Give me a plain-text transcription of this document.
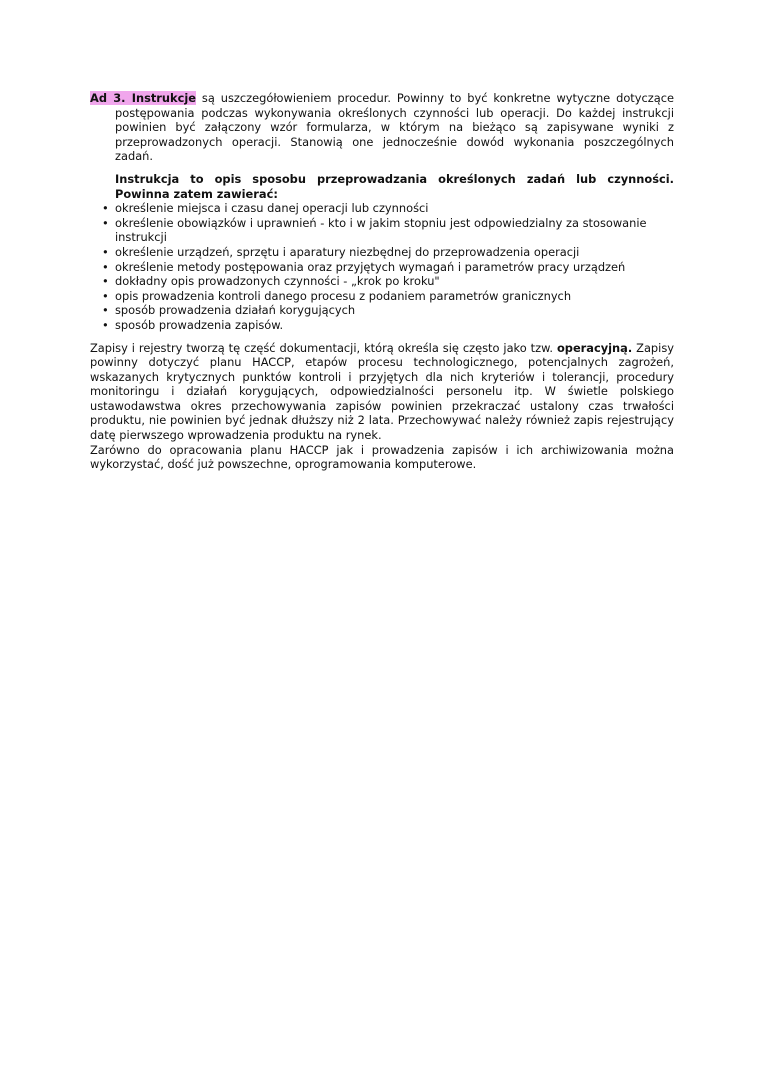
Ad 3. Instrukcje są uszczegółowieniem procedur. Powinny to być konkretne wytyczne dotyczące postępowania podczas wykonywania określonych czynności lub operacji. Do każdej instrukcji powinien być załączony wzór formularza, w którym na bieżąco są zapisywane wyniki z przeprowadzonych operacji. Stanowią one jednocześnie dowód wykonania poszczególnych zadań.

Instrukcja to opis sposobu przeprowadzania określonych zadań lub czynności. Powinna zatem zawierać:

• określenie miejsca i czasu danej operacji lub czynności
• określenie obowiązków i uprawnień - kto i w jakim stopniu jest odpowiedzialny za stosowanie instrukcji
• określenie urządzeń, sprzętu i aparatury niezbędnej do przeprowadzenia operacji
• określenie metody postępowania oraz przyjętych wymagań i parametrów pracy urządzeń
• dokładny opis prowadzonych czynności - „krok po kroku"
• opis prowadzenia kontroli danego procesu z podaniem parametrów granicznych
• sposób prowadzenia działań korygujących
• sposób prowadzenia zapisów.

Zapisy i rejestry tworzą tę część dokumentacji, którą określa się często jako tzw. operacyjną. Zapisy powinny dotyczyć planu HACCP, etapów procesu technologicznego, potencjalnych zagrożeń, wskazanych krytycznych punktów kontroli i przyjętych dla nich kryteriów i tolerancji, procedury monitoringu i działań korygujących, odpowiedzialności personelu itp. W świetle polskiego ustawodawstwa okres przechowywania zapisów powinien przekraczać ustalony czas trwałości produktu, nie powinien być jednak dłuższy niż 2 lata. Przechowywać należy również zapis rejestrujący datę pierwszego wprowadzenia produktu na rynek.

Zarówno do opracowania planu HACCP jak i prowadzenia zapisów i ich archiwizowania można wykorzystać, dość już powszechne, oprogramowania komputerowe.
